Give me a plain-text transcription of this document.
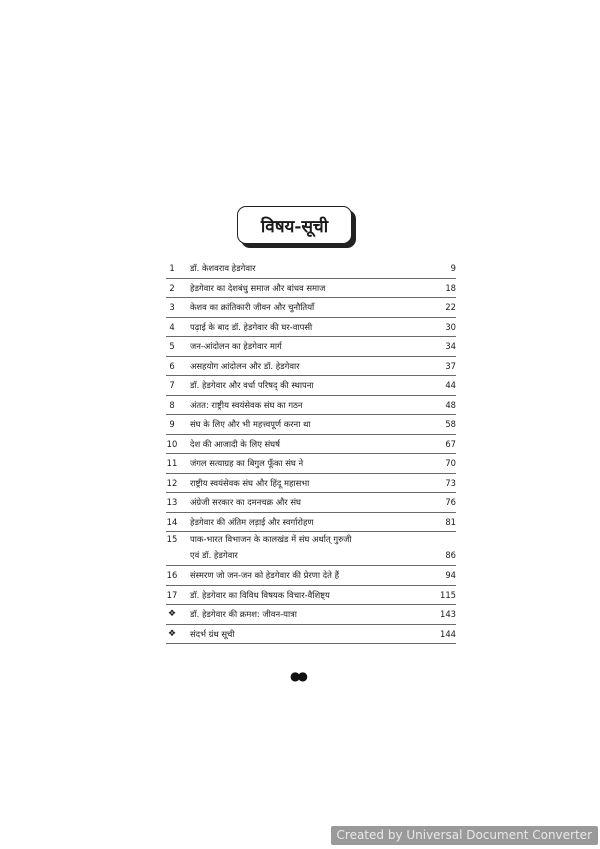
विषय-सूची
1	डॉ. केशवराव हेडगेवार	9
2	हेडगेवार का देशबंधु समाज और बांधव समाज	18
3	केशव का क्रांतिकारी जीवन और चुनौतियाँ	22
4	पढ़ाई के बाद डॉ. हेडगेवार की घर-वापसी	30
5	जन-आंदोलन का हेडगेवार मार्ग	34
6	असहयोग आंदोलन और डॉ. हेडगेवार	37
7	डॉ. हेडगेवार और वर्धा परिषद् की स्थापना	44
8	अंतत: राष्ट्रीय स्वयंसेवक संघ का गठन	48
9	संघ के लिए और भी महत्त्वपूर्ण करना था	58
10 देश की आजादी के लिए संघर्ष	67
11 जंगल सत्याग्रह का बिगुल फूँका संघ ने	70
12 राष्ट्रीय स्वयंसेवक संघ और हिंदू महासभा	73
13 अंग्रेजी सरकार का दमनचक्र और संघ	76
14 हेडगेवार की अंतिम लड़ाई और स्वर्गारोहण	81
15 पाक-भारत विभाजन के कालखंड में संघ अर्थात् गुरुजी
एवं डॉ. हेडगेवार	86
16 संस्मरण जो जन-जन को हेडगेवार की प्रेरणा देते हैं	94
17 डॉ. हेडगेवार का विविध विषयक विचार-वैशिष्ट्य	115
❖ डॉ. हेडगेवार की क्रमश: जीवन-यात्रा	143
❖ संदर्भ ग्रंथ सूची	144
●●
Created by Universal Document Converter
